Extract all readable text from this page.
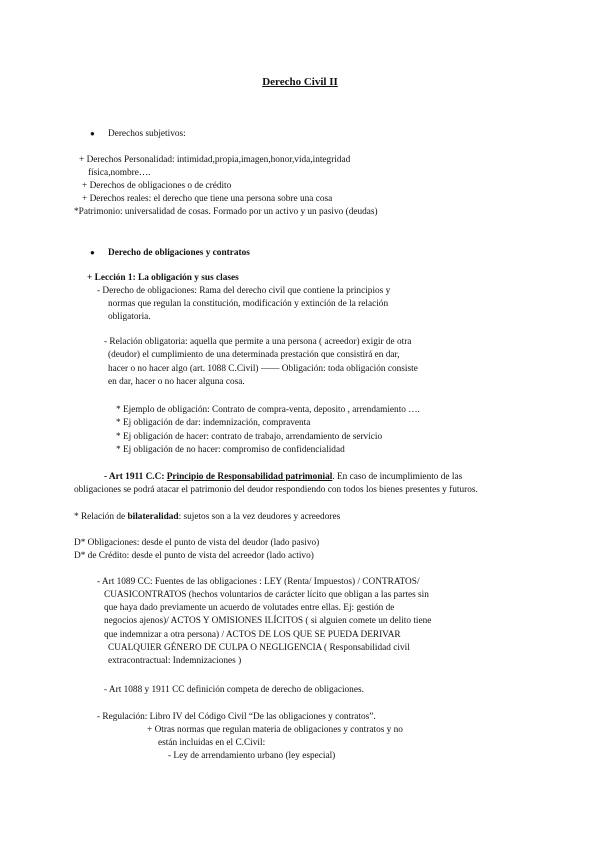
Derecho Civil II
● Derechos subjetivos:
+ Derechos Personalidad: intimidad,propia,imagen,honor,vida,integridad
física,nombre….
+ Derechos de obligaciones o de crédito
+ Derechos reales: el derecho que tiene una persona sobre una cosa
*Patrimonio: universalidad de cosas. Formado por un activo y un pasivo (deudas)
● Derecho de obligaciones y contratos
+ Lección 1: La obligación y sus clases
- Derecho de obligaciones: Rama del derecho civil que contiene la principios y
normas que regulan la constitución, modificación y extinción de la relación
obligatoria.
- Relación obligatoria: aquella que permite a una persona ( acreedor) exigir de otra
(deudor) el cumplimiento de una determinada prestación que consistirá en dar,
hacer o no hacer algo (art. 1088 C.Civil) —— Obligación: toda obligación consiste
en dar, hacer o no hacer alguna cosa.
* Ejemplo de obligación: Contrato de compra-venta, deposito , arrendamiento ….
* Ej obligación de dar: indemnización, compraventa
* Ej obligación de hacer: contrato de trabajo, arrendamiento de servicio
* Ej obligación de no hacer: compromiso de confidencialidad
- Art 1911 C.C: Principio de Responsabilidad patrimonial. En caso de incumplimiento de las
obligaciones se podrá atacar el patrimonio del deudor respondiendo con todos los bienes presentes y futuros.
* Relación de bilateralidad: sujetos son a la vez deudores y acreedores
D* Obligaciones: desde el punto de vista del deudor (lado pasivo)
D* de Crédito: desde el punto de vista del acreedor (lado activo)
- Art 1089 CC: Fuentes de las obligaciones : LEY (Renta/ Impuestos) / CONTRATOS/
CUASICONTRATOS (hechos voluntarios de carácter lícito que obligan a las partes sin
que haya dado previamente un acuerdo de volutades entre ellas. Ej: gestión de
negocios ajenos)/ ACTOS Y OMISIONES ILÍCITOS ( si alguien comete un delito tiene
que indemnizar a otra persona) / ACTOS DE LOS QUE SE PUEDA DERIVAR
CUALQUIER GÉNERO DE CULPA O NEGLIGENCIA ( Responsabilidad civil
extracontractual: Indemnizaciones )
- Art 1088 y 1911 CC definición competa de derecho de obligaciones.
- Regulación: Libro IV del Código Civil “De las obligaciones y contratos”.
+ Otras normas que regulan materia de obligaciones y contratos y no
están incluidas en el C.Civil:
- Ley de arrendamiento urbano (ley especial)
